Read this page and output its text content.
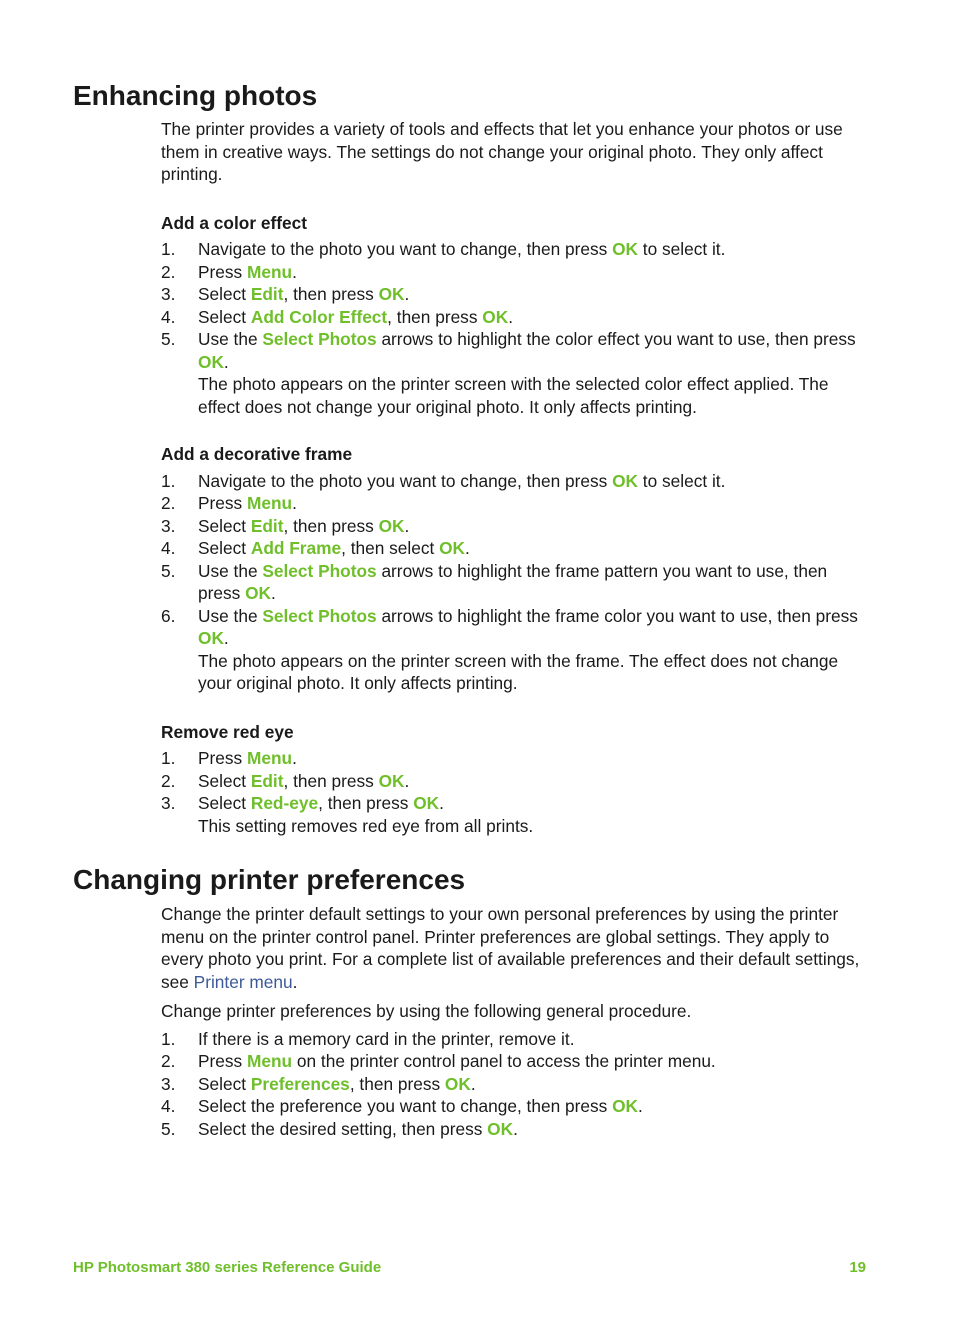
Enhancing photos

The printer provides a variety of tools and effects that let you enhance your photos or use them in creative ways. The settings do not change your original photo. They only affect printing.

Add a color effect
1. Navigate to the photo you want to change, then press OK to select it.
2. Press Menu.
3. Select Edit, then press OK.
4. Select Add Color Effect, then press OK.
5. Use the Select Photos arrows to highlight the color effect you want to use, then press OK.
The photo appears on the printer screen with the selected color effect applied. The effect does not change your original photo. It only affects printing.
Add a decorative frame
1. Navigate to the photo you want to change, then press OK to select it.
2. Press Menu.
3. Select Edit, then press OK.
4. Select Add Frame, then select OK.
5. Use the Select Photos arrows to highlight the frame pattern you want to use, then press OK.
6. Use the Select Photos arrows to highlight the frame color you want to use, then press OK.
The photo appears on the printer screen with the frame. The effect does not change your original photo. It only affects printing.
Remove red eye
1. Press Menu.
2. Select Edit, then press OK.
3. Select Red-eye, then press OK.
This setting removes red eye from all prints.
Changing printer preferences

Change the printer default settings to your own personal preferences by using the printer menu on the printer control panel. Printer preferences are global settings. They apply to every photo you print. For a complete list of available preferences and their default settings, see Printer menu.

Change printer preferences by using the following general procedure.

1. If there is a memory card in the printer, remove it.
2. Press Menu on the printer control panel to access the printer menu.
3. Select Preferences, then press OK.
4. Select the preference you want to change, then press OK.
5. Select the desired setting, then press OK.
HP Photosmart 380 series Reference Guide	19
